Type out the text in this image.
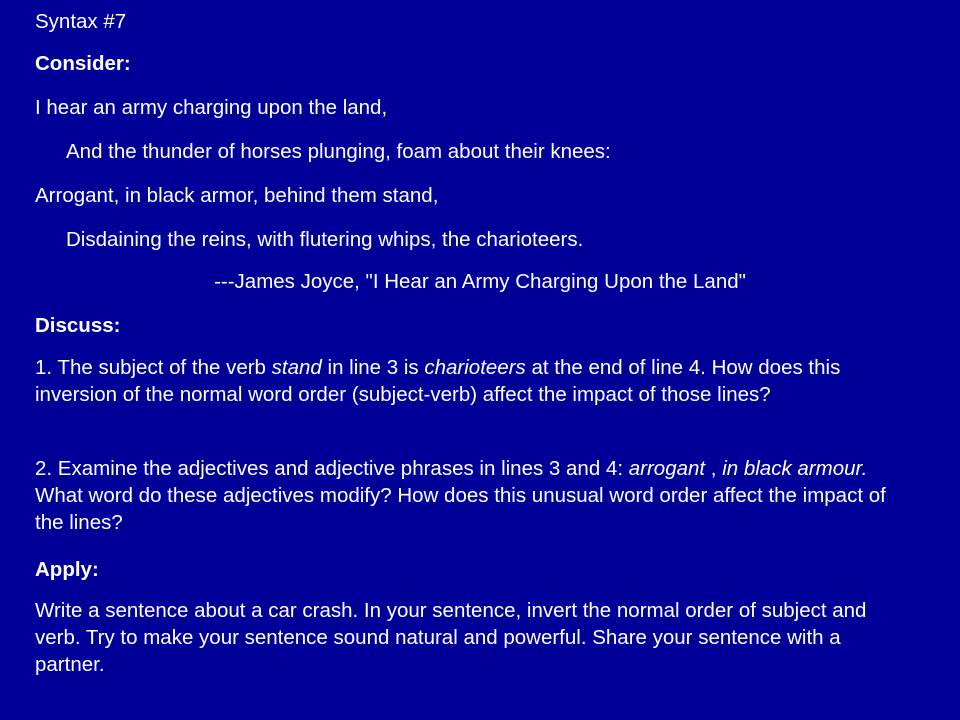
Syntax #7
Consider:
I hear an army charging upon the land,
And the thunder of horses plunging, foam about their knees:
Arrogant, in black armor, behind them stand,
Disdaining the reins, with flutering whips, the charioteers.
---James Joyce, "I Hear an Army Charging Upon the Land"
Discuss:
1. The subject of the verb stand in line 3 is charioteers at the end of line 4. How does this inversion of the normal word order (subject-verb) affect the impact of those lines?
2. Examine the adjectives and adjective phrases in lines 3 and 4: arrogant , in black armour. What word do these adjectives modify? How does this unusual word order affect the impact of the lines?
Apply:
Write a sentence about a car crash. In your sentence, invert the normal order of subject and verb. Try to make your sentence sound natural and powerful. Share your sentence with a partner.
